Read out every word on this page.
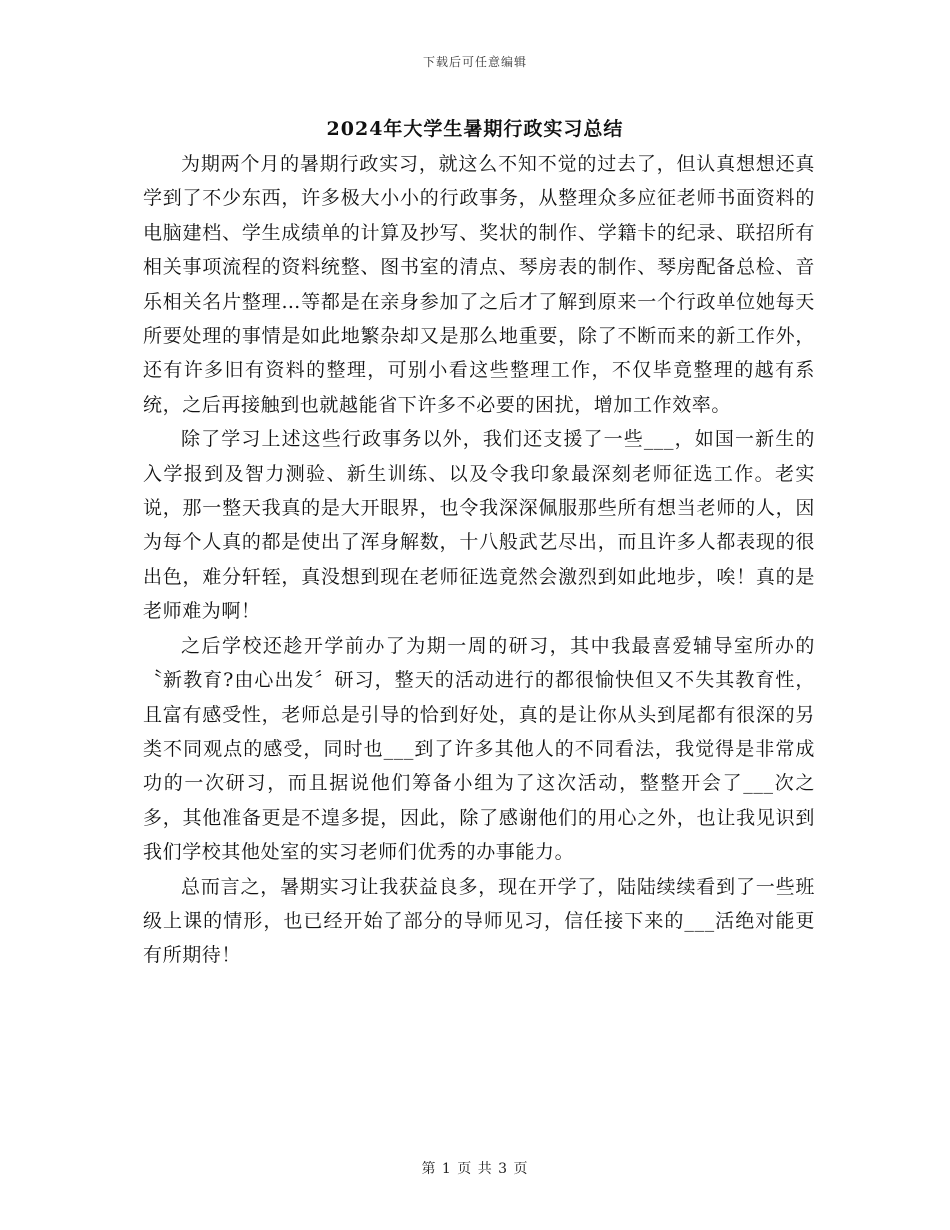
下载后可任意编辑
2024年大学生暑期行政实习总结

为期两个月的暑期行政实习，就这么不知不觉的过去了，但认真想想还真学到了不少东西，许多极大小小的行政事务，从整理众多应征老师书面资料的电脑建档、学生成绩单的计算及抄写、奖状的制作、学籍卡的纪录、联招所有相关事项流程的资料统整、图书室的清点、琴房表的制作、琴房配备总检、音乐相关名片整理…等都是在亲身参加了之后才了解到原来一个行政单位她每天所要处理的事情是如此地繁杂却又是那么地重要，除了不断而来的新工作外，还有许多旧有资料的整理，可别小看这些整理工作，不仅毕竟整理的越有系统，之后再接触到也就越能省下许多不必要的困扰，增加工作效率。

除了学习上述这些行政事务以外，我们还支援了一些___，如国一新生的入学报到及智力测验、新生训练、以及令我印象最深刻老师征选工作。老实说，那一整天我真的是大开眼界，也令我深深佩服那些所有想当老师的人，因为每个人真的都是使出了浑身解数，十八般武艺尽出，而且许多人都表现的很出色，难分轩轾，真没想到现在老师征选竟然会激烈到如此地步，唉！真的是老师难为啊！

之后学校还趁开学前办了为期一周的研习，其中我最喜爱辅导室所办的〝新教育?由心出发〞研习，整天的活动进行的都很愉快但又不失其教育性，且富有感受性，老师总是引导的恰到好处，真的是让你从头到尾都有很深的另类不同观点的感受，同时也___到了许多其他人的不同看法，我觉得是非常成功的一次研习，而且据说他们筹备小组为了这次活动，整整开会了___次之多，其他准备更是不遑多提，因此，除了感谢他们的用心之外，也让我见识到我们学校其他处室的实习老师们优秀的办事能力。

总而言之，暑期实习让我获益良多，现在开学了，陆陆续续看到了一些班级上课的情形，也已经开始了部分的导师见习，信任接下来的___活绝对能更有所期待！

第 1 页 共 3 页
